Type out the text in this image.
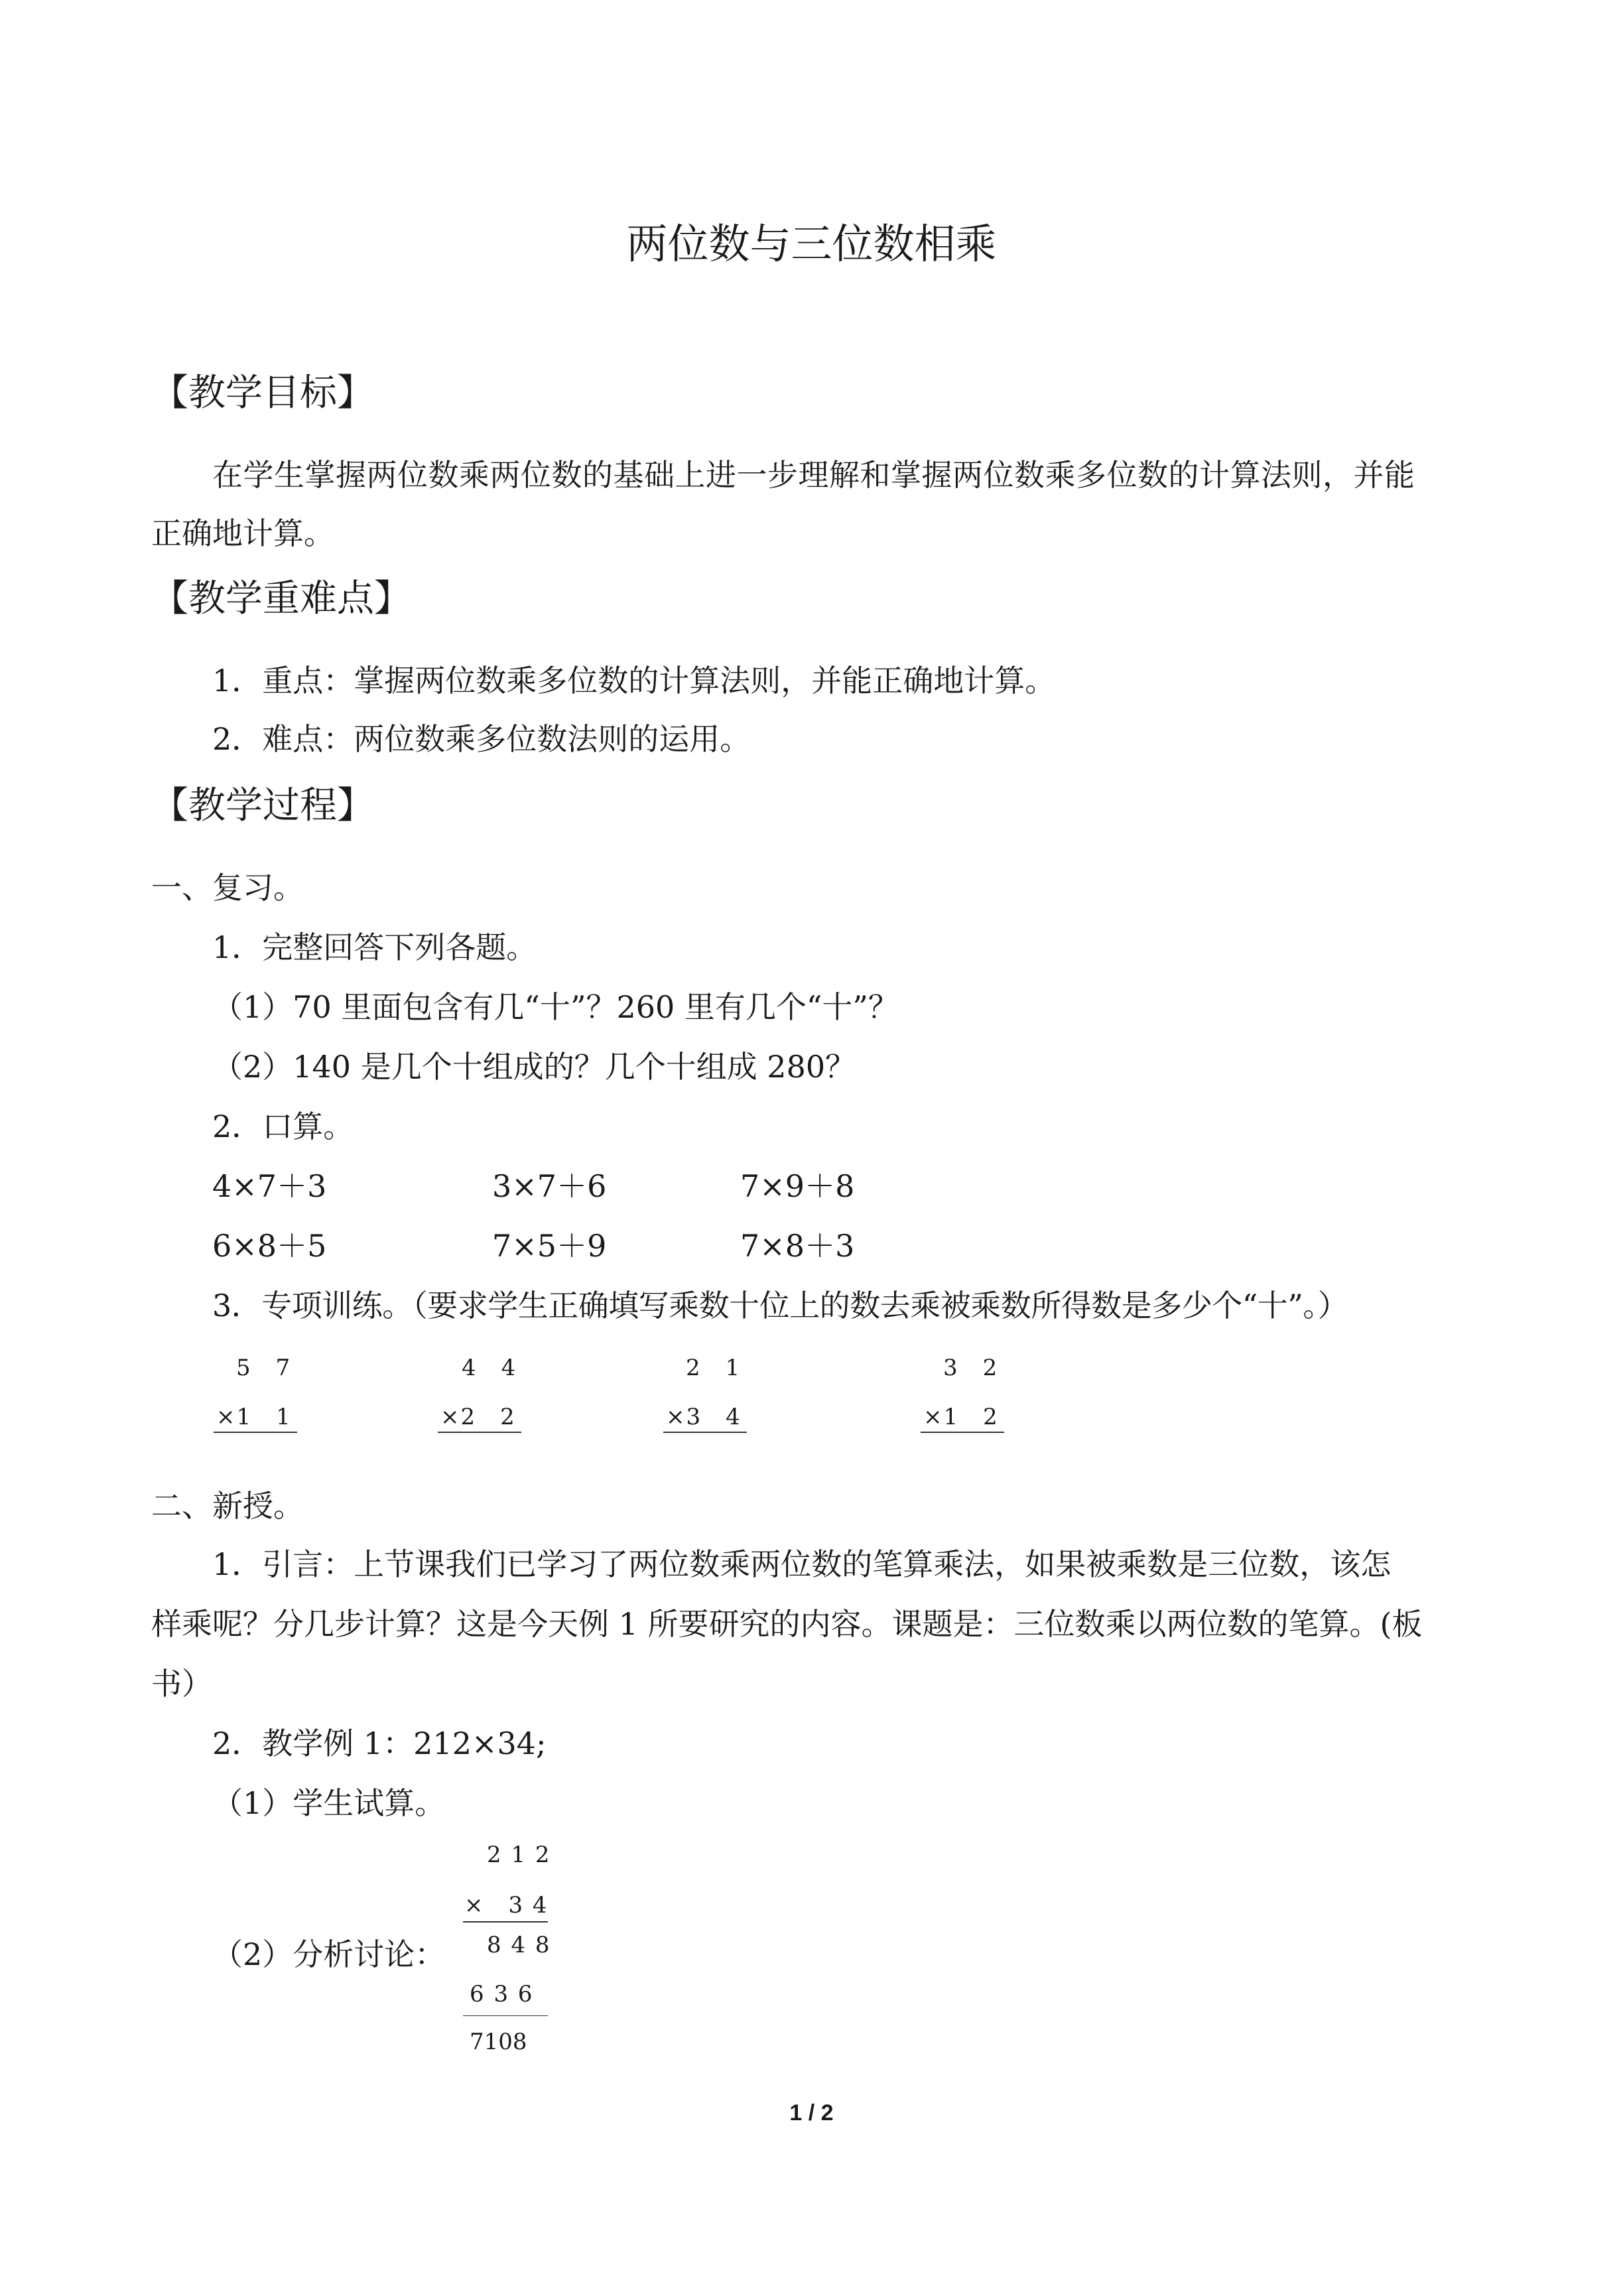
两位数与三位数相乘
【教学目标】
在学生掌握两位数乘两位数的基础上进一步理解和掌握两位数乘多位数的计算法则，并能
正确地计算。
【教学重难点】
1．重点：掌握两位数乘多位数的计算法则，并能正确地计算。
2．难点：两位数乘多位数法则的运用。
【教学过程】
一、复习。
1．完整回答下列各题。
（1）70 里面包含有几“十”？260 里有几个“十”？
（2）140 是几个十组成的？几个十组成 280？
2．口算。
4×7＋3	3×7＋6	7×9＋8
6×8＋5	7×5＋9	7×8＋3
3．专项训练。（要求学生正确填写乘数十位上的数去乘被乘数所得数是多少个“十”。）
5　7
×1　1
4　4
×2　2
2　1
×3　4
3　2
×1　2
二、新授。
1．引言：上节课我们已学习了两位数乘两位数的笔算乘法，如果被乘数是三位数，该怎
样乘呢？分几步计算？这是今天例 1 所要研究的内容。课题是：三位数乘以两位数的笔算。(板
书）
2．教学例 1：212×34;
（1）学生试算。
（2）分析讨论：
2 1 2
×　3 4
8 4 8
6 3 6
7108
1 / 2
